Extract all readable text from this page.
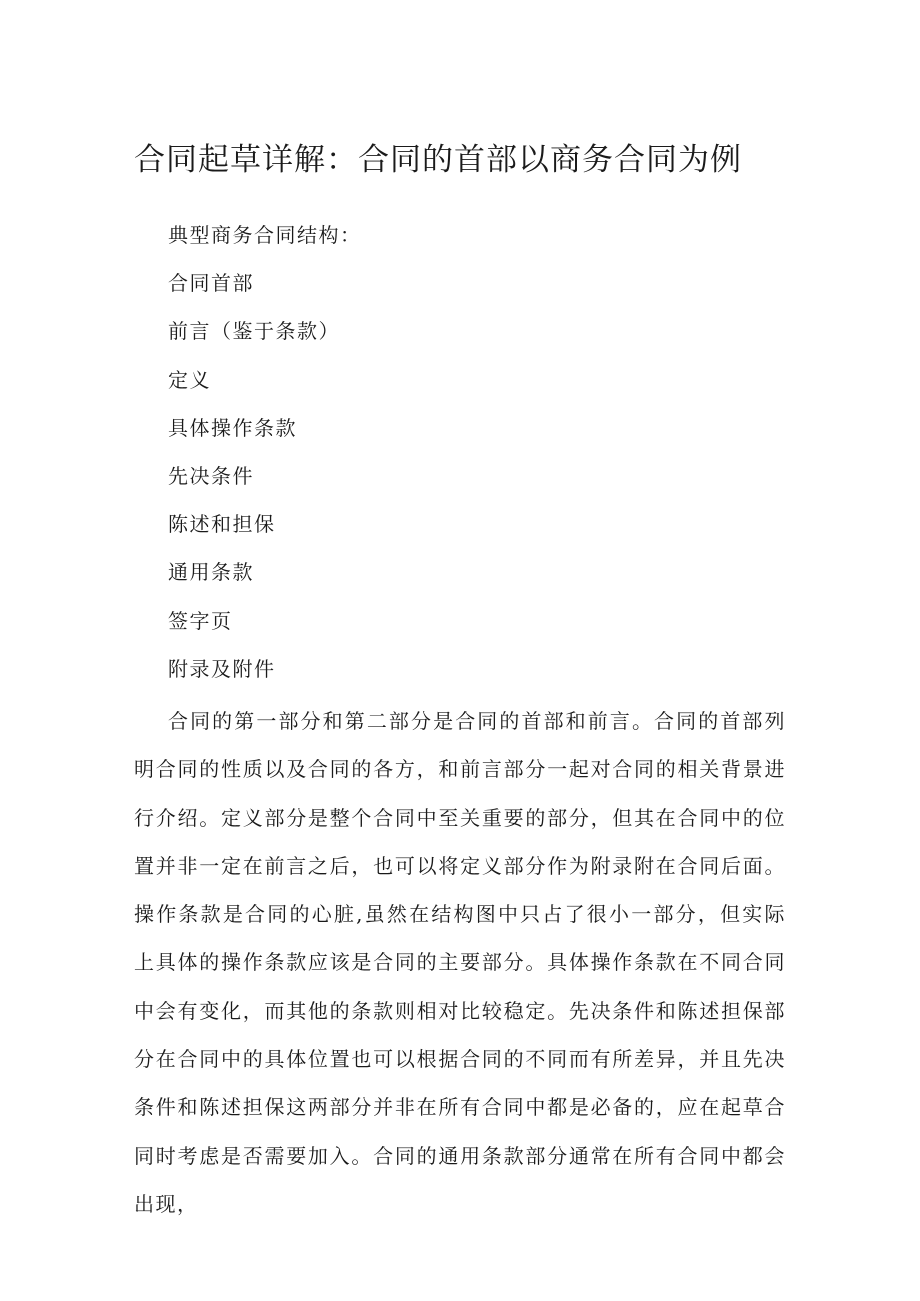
合同起草详解：合同的首部以商务合同为例
典型商务合同结构：
合同首部
前言（鉴于条款）
定义
具体操作条款
先决条件
陈述和担保
通用条款
签字页
附录及附件

合同的第一部分和第二部分是合同的首部和前言。合同的首部列明合同的性质以及合同的各方，和前言部分一起对合同的相关背景进行介绍。定义部分是整个合同中至关重要的部分，但其在合同中的位置并非一定在前言之后，也可以将定义部分作为附录附在合同后面。操作条款是合同的心脏,虽然在结构图中只占了很小一部分，但实际上具体的操作条款应该是合同的主要部分。具体操作条款在不同合同中会有变化，而其他的条款则相对比较稳定。先决条件和陈述担保部分在合同中的具体位置也可以根据合同的不同而有所差异，并且先决条件和陈述担保这两部分并非在所有合同中都是必备的，应在起草合同时考虑是否需要加入。合同的通用条款部分通常在所有合同中都会出现，
